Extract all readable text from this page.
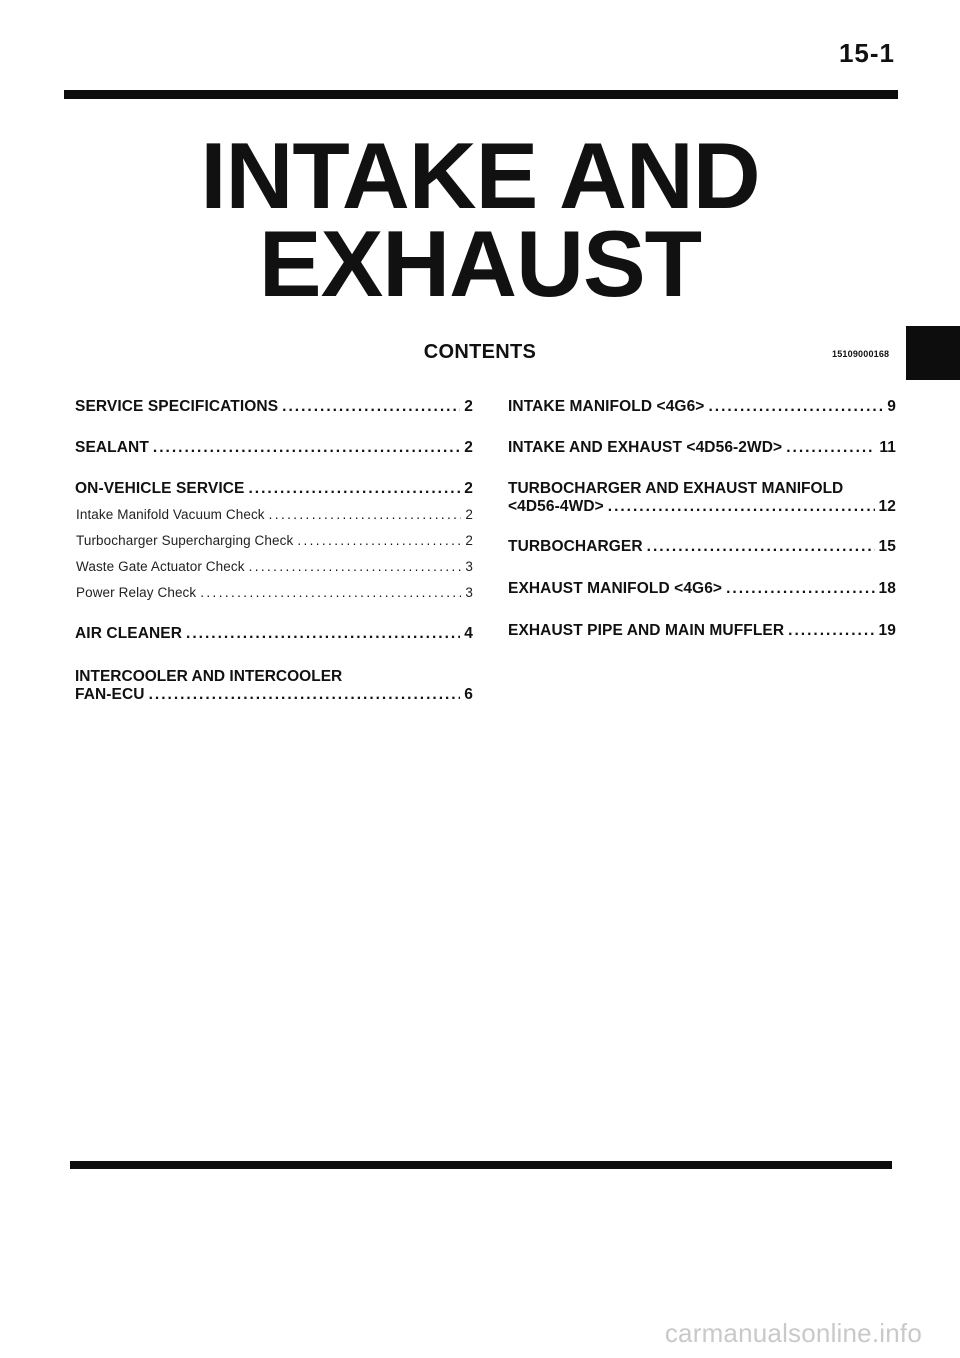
15-1
INTAKE AND
EXHAUST
CONTENTS	15109000168
SERVICE SPECIFICATIONS .....	2
SEALANT .....	2
ON-VEHICLE SERVICE .....	2
Intake Manifold Vacuum Check .....	2
Turbocharger Supercharging Check .....	2
Waste Gate Actuator Check .....	3
Power Relay Check .....	3
AIR CLEANER .....	4
INTERCOOLER AND INTERCOOLER
FAN-ECU .....	6
INTAKE MANIFOLD <4G6> .....	9
INTAKE AND EXHAUST <4D56-2WD> .....	11
TURBOCHARGER AND EXHAUST MANIFOLD
<4D56-4WD> .....	12
TURBOCHARGER .....	15
EXHAUST MANIFOLD <4G6> .....	18
EXHAUST PIPE AND MAIN MUFFLER .....	19
carmanualsonline.info
